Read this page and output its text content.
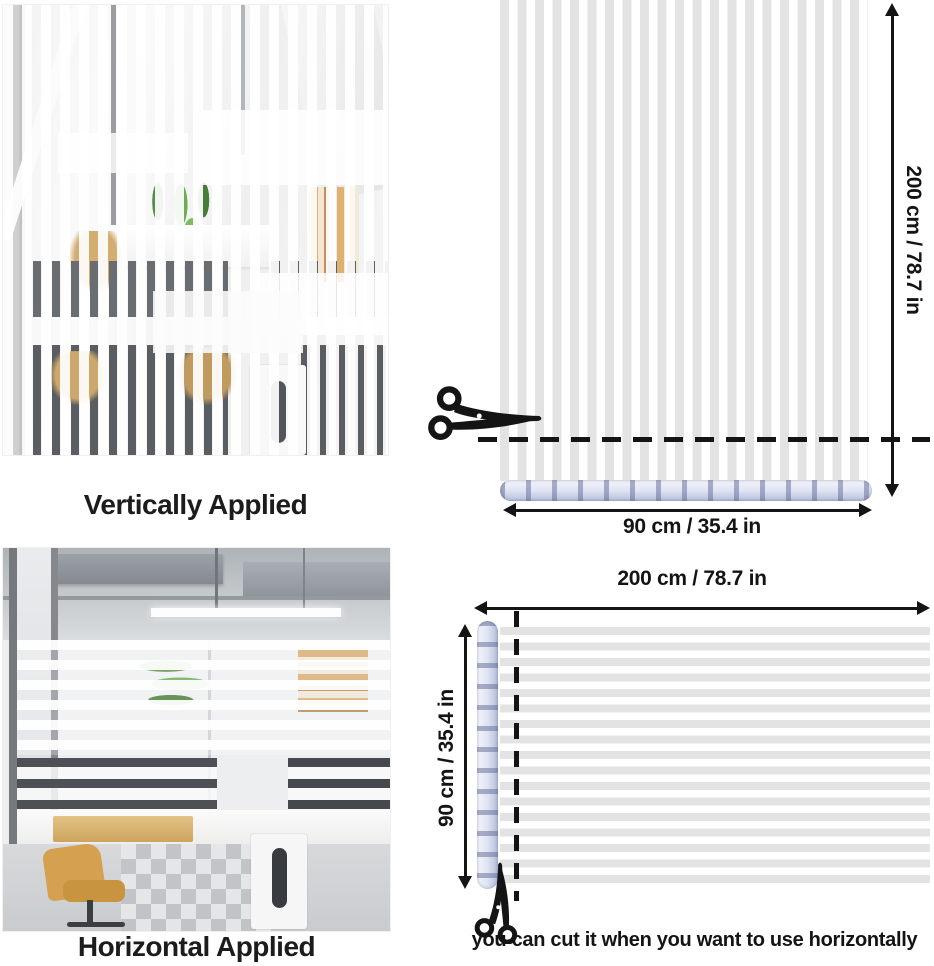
Vertically Applied
200 cm / 78.7 in
90 cm / 35.4 in
Horizontal Applied
200 cm / 78.7 in
90 cm / 35.4 in
you can cut it when you want to use horizontally
